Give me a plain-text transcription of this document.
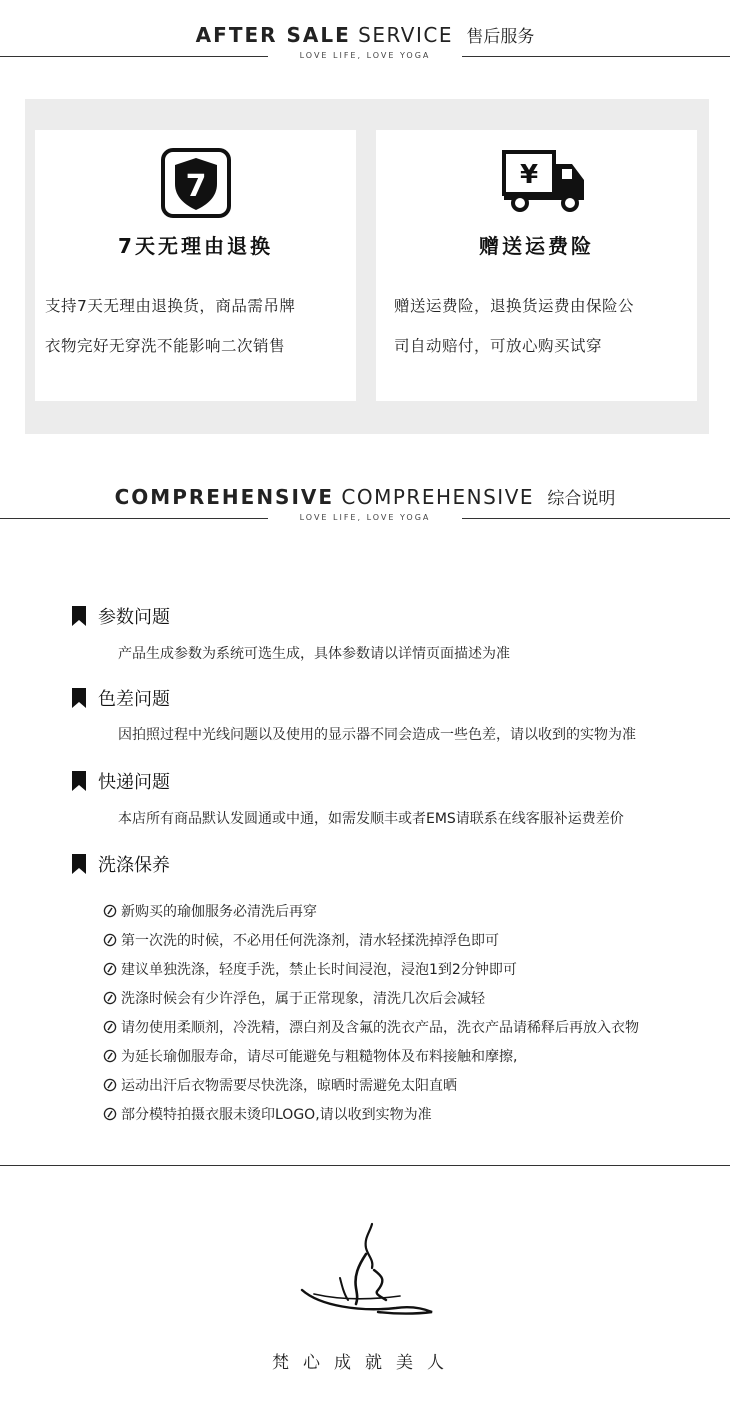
AFTER SALE SERVICE 售后服务
LOVE LIFE, LOVE YOGA
7
7天无理由退换
支持7天无理由退换货，商品需吊牌
衣物完好无穿洗不能影响二次销售
¥
赠送运费险
赠送运费险，退换货运费由保险公
司自动赔付，可放心购买试穿
COMPREHENSIVE COMPREHENSIVE 综合说明
LOVE LIFE, LOVE YOGA
参数问题
产品生成参数为系统可选生成，具体参数请以详情页面描述为准
色差问题
因拍照过程中光线问题以及使用的显示器不同会造成一些色差，请以收到的实物为准
快递问题
本店所有商品默认发圆通或中通，如需发顺丰或者EMS请联系在线客服补运费差价
洗涤保养
新购买的瑜伽服务必清洗后再穿
第一次洗的时候，不必用任何洗涤剂，清水轻揉洗掉浮色即可
建议单独洗涤，轻度手洗，禁止长时间浸泡，浸泡1到2分钟即可
洗涤时候会有少许浮色，属于正常现象，清洗几次后会减轻
请勿使用柔顺剂，冷洗精，漂白剂及含氟的洗衣产品，洗衣产品请稀释后再放入衣物
为延长瑜伽服寿命，请尽可能避免与粗糙物体及布料接触和摩擦,
运动出汗后衣物需要尽快洗涤，晾晒时需避免太阳直晒
部分模特拍摄衣服未烫印LOGO,请以收到实物为准
梵心成就美人
